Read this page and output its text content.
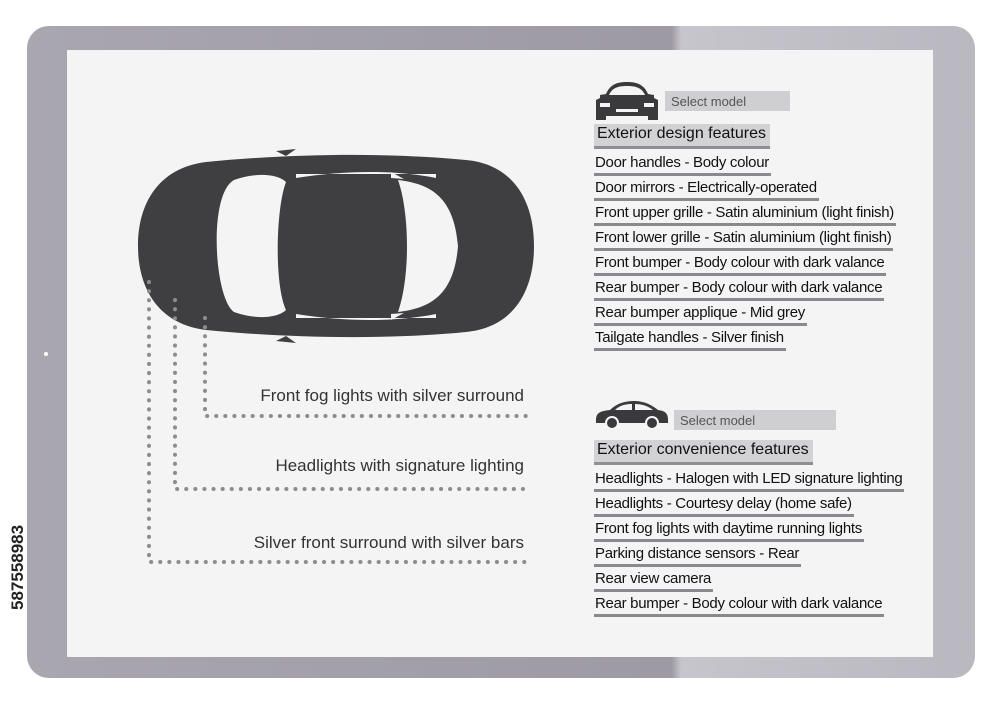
587558983
Front fog lights with silver surround
Headlights with signature lighting
Silver front surround with silver bars
Select model
Exterior design features
Door handles - Body colour
Door mirrors - Electrically-operated
Front upper grille - Satin aluminium (light finish)
Front lower grille - Satin aluminium (light finish)
Front bumper - Body colour with dark valance
Rear bumper - Body colour with dark valance
Rear bumper applique - Mid grey
Tailgate handles - Silver finish
Select model
Exterior convenience features
Headlights - Halogen with LED signature lighting
Headlights - Courtesy delay (home safe)
Front fog lights with daytime running lights
Parking distance sensors - Rear
Rear view camera
Rear bumper - Body colour with dark valance
